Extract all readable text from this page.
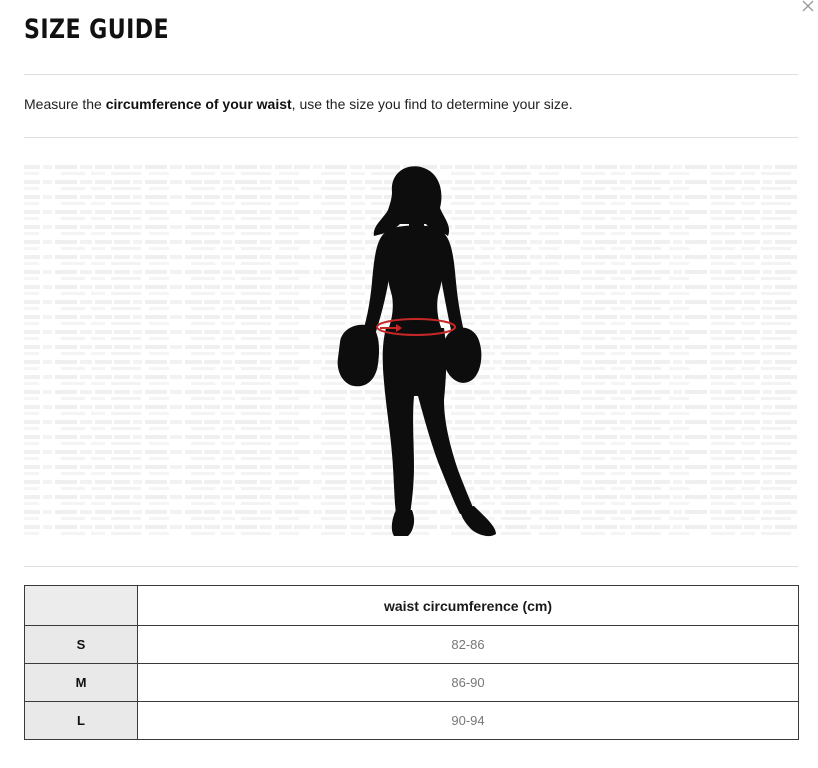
SIZE GUIDE

Measure the circumference of your waist, use the size you find to determine your size.

	waist circumference (cm)
S	82-86
M	86-90
L	90-94
